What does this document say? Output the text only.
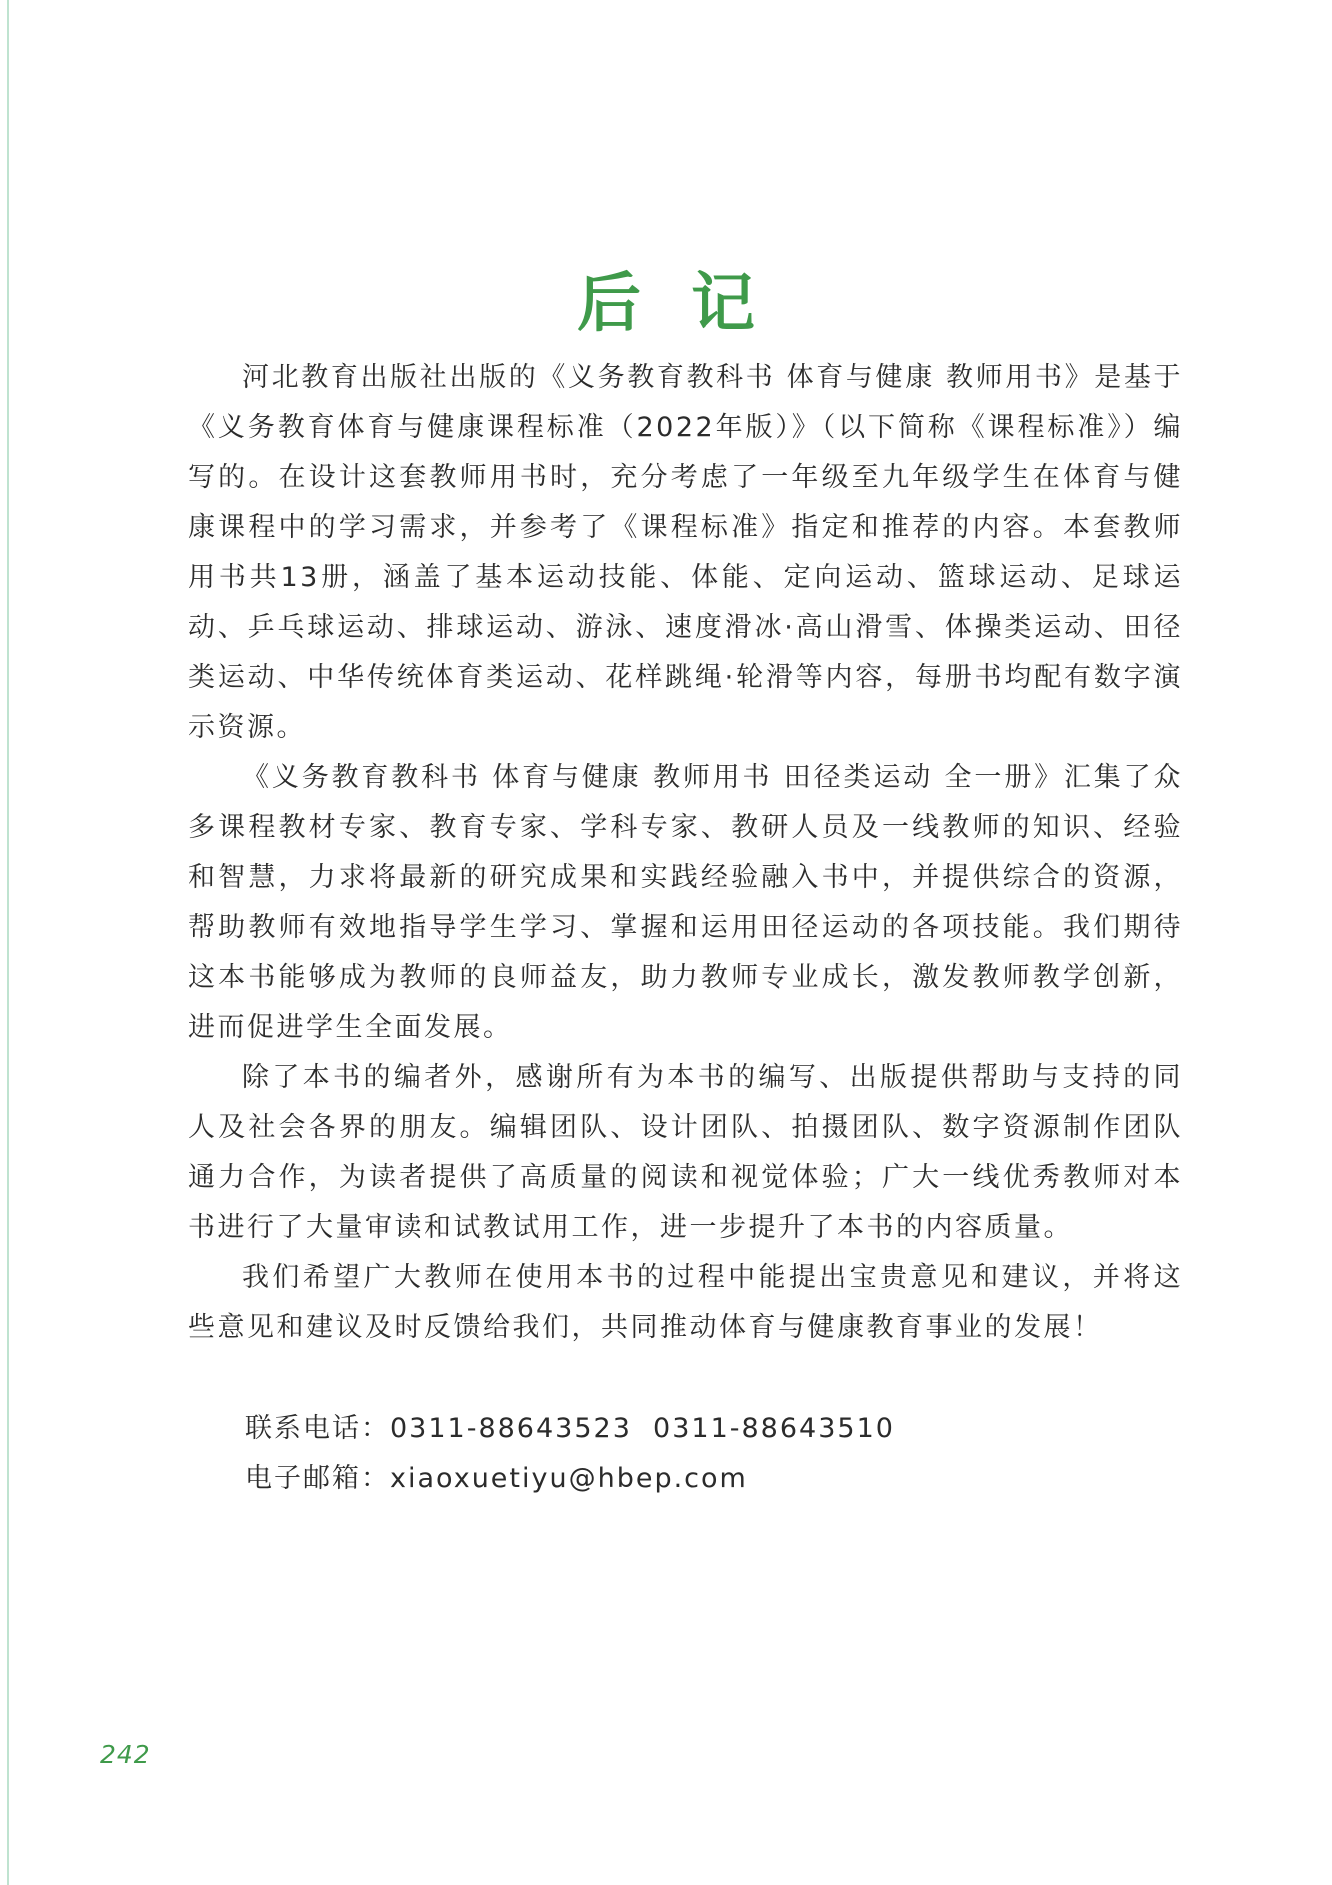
后记

河北教育出版社出版的《义务教育教科书 体育与健康 教师用书》是基于《义务教育体育与健康课程标准（2022年版）》（以下简称《课程标准》）编写的。在设计这套教师用书时，充分考虑了一年级至九年级学生在体育与健康课程中的学习需求，并参考了《课程标准》指定和推荐的内容。本套教师用书共13册，涵盖了基本运动技能、体能、定向运动、篮球运动、足球运动、乒乓球运动、排球运动、游泳、速度滑冰·高山滑雪、体操类运动、田径类运动、中华传统体育类运动、花样跳绳·轮滑等内容，每册书均配有数字演示资源。

《义务教育教科书 体育与健康 教师用书 田径类运动 全一册》汇集了众多课程教材专家、教育专家、学科专家、教研人员及一线教师的知识、经验和智慧，力求将最新的研究成果和实践经验融入书中，并提供综合的资源，帮助教师有效地指导学生学习、掌握和运用田径运动的各项技能。我们期待这本书能够成为教师的良师益友，助力教师专业成长，激发教师教学创新，进而促进学生全面发展。

除了本书的编者外，感谢所有为本书的编写、出版提供帮助与支持的同人及社会各界的朋友。编辑团队、设计团队、拍摄团队、数字资源制作团队通力合作，为读者提供了高质量的阅读和视觉体验；广大一线优秀教师对本书进行了大量审读和试教试用工作，进一步提升了本书的内容质量。

我们希望广大教师在使用本书的过程中能提出宝贵意见和建议，并将这些意见和建议及时反馈给我们，共同推动体育与健康教育事业的发展！

联系电话：0311-88643523  0311-88643510
电子邮箱：xiaoxuetiyu@hbep.com
242
